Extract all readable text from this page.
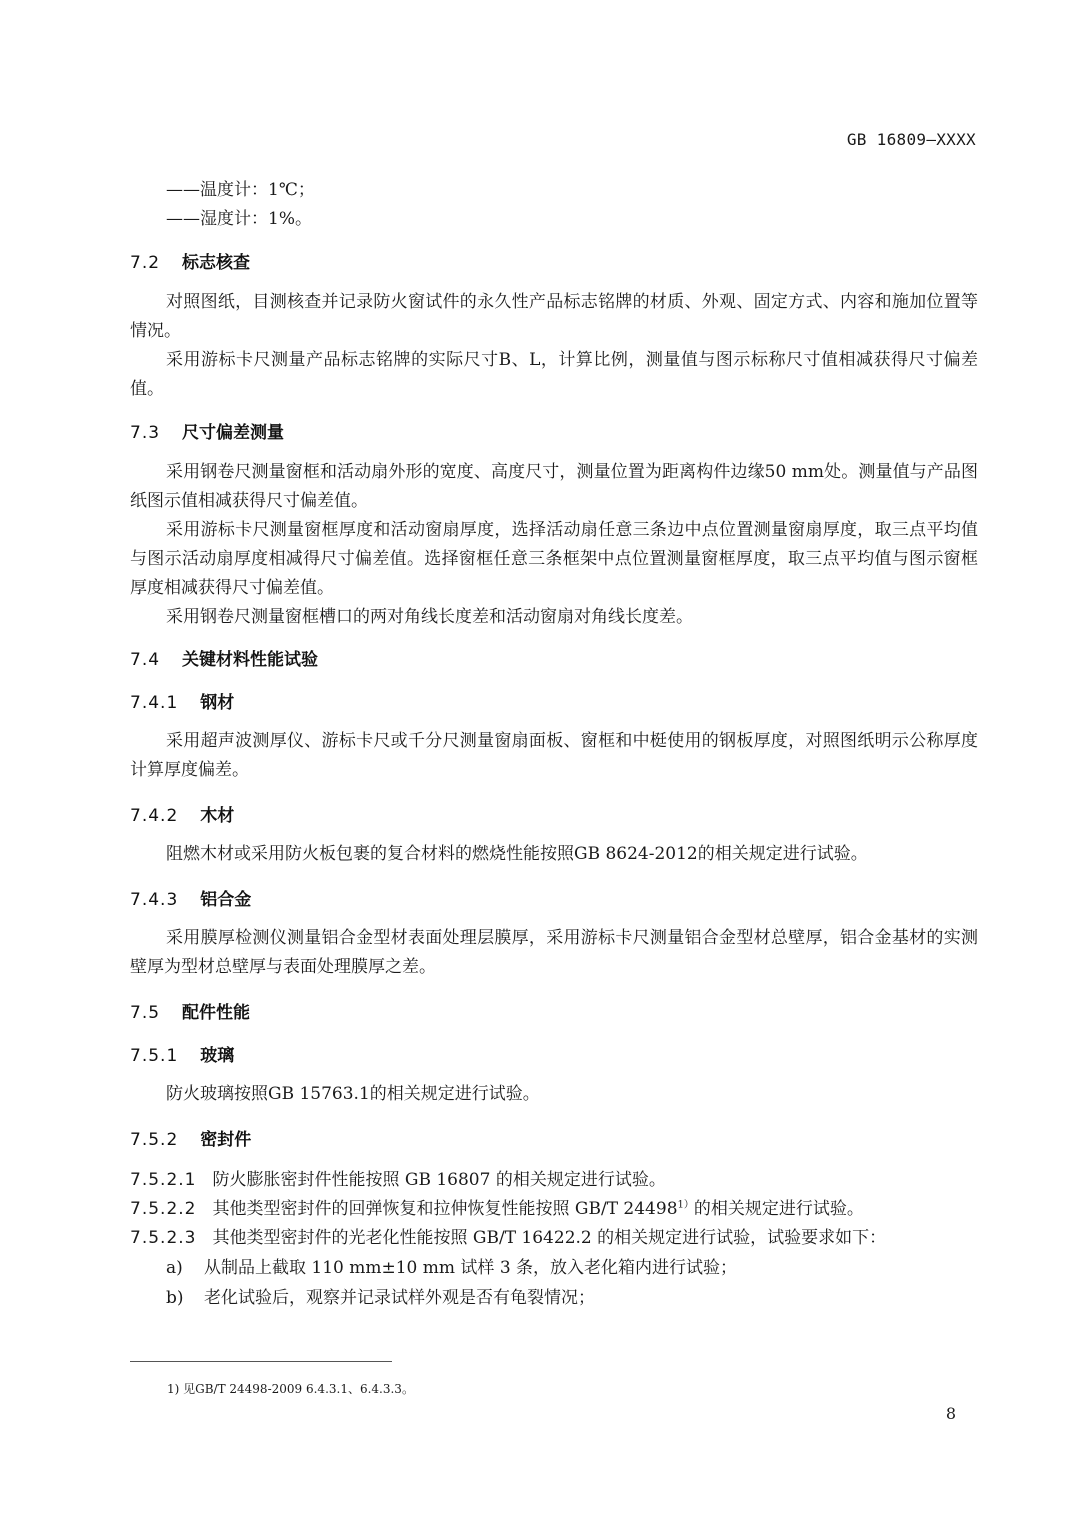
GB 16809—XXXX
——温度计：1℃；
——湿度计：1%。
7.2 标志核查

对照图纸，目测核查并记录防火窗试件的永久性产品标志铭牌的材质、外观、固定方式、内容和施加位置等情况。

采用游标卡尺测量产品标志铭牌的实际尺寸B、L，计算比例，测量值与图示标称尺寸值相减获得尺寸偏差值。

7.3 尺寸偏差测量

采用钢卷尺测量窗框和活动扇外形的宽度、高度尺寸，测量位置为距离构件边缘50 mm处。测量值与产品图纸图示值相减获得尺寸偏差值。

采用游标卡尺测量窗框厚度和活动窗扇厚度，选择活动扇任意三条边中点位置测量窗扇厚度，取三点平均值与图示活动扇厚度相减得尺寸偏差值。选择窗框任意三条框架中点位置测量窗框厚度，取三点平均值与图示窗框厚度相减获得尺寸偏差值。

采用钢卷尺测量窗框槽口的两对角线长度差和活动窗扇对角线长度差。

7.4 关键材料性能试验
7.4.1 钢材

采用超声波测厚仪、游标卡尺或千分尺测量窗扇面板、窗框和中梃使用的钢板厚度，对照图纸明示公称厚度计算厚度偏差。

7.4.2 木材

阻燃木材或采用防火板包裹的复合材料的燃烧性能按照GB 8624-2012的相关规定进行试验。

7.4.3 铝合金

采用膜厚检测仪测量铝合金型材表面处理层膜厚，采用游标卡尺测量铝合金型材总壁厚，铝合金基材的实测壁厚为型材总壁厚与表面处理膜厚之差。

7.5 配件性能
7.5.1 玻璃

防火玻璃按照GB 15763.1的相关规定进行试验。

7.5.2 密封件
7.5.2.1 防火膨胀密封件性能按照 GB 16807 的相关规定进行试验。
7.5.2.2 其他类型密封件的回弹恢复和拉伸恢复性能按照 GB/T $24498^{1)}$的相关规定进行试验。
7.5.2.3 其他类型密封件的光老化性能按照 GB/T 16422.2 的相关规定进行试验，试验要求如下：
a) 从制品上截取 110 mm±10 mm 试样 3 条，放入老化箱内进行试验；
b) 老化试验后，观察并记录试样外观是否有龟裂情况；
1) 见GB/T 24498-2009 6.4.3.1、6.4.3.3。
8
